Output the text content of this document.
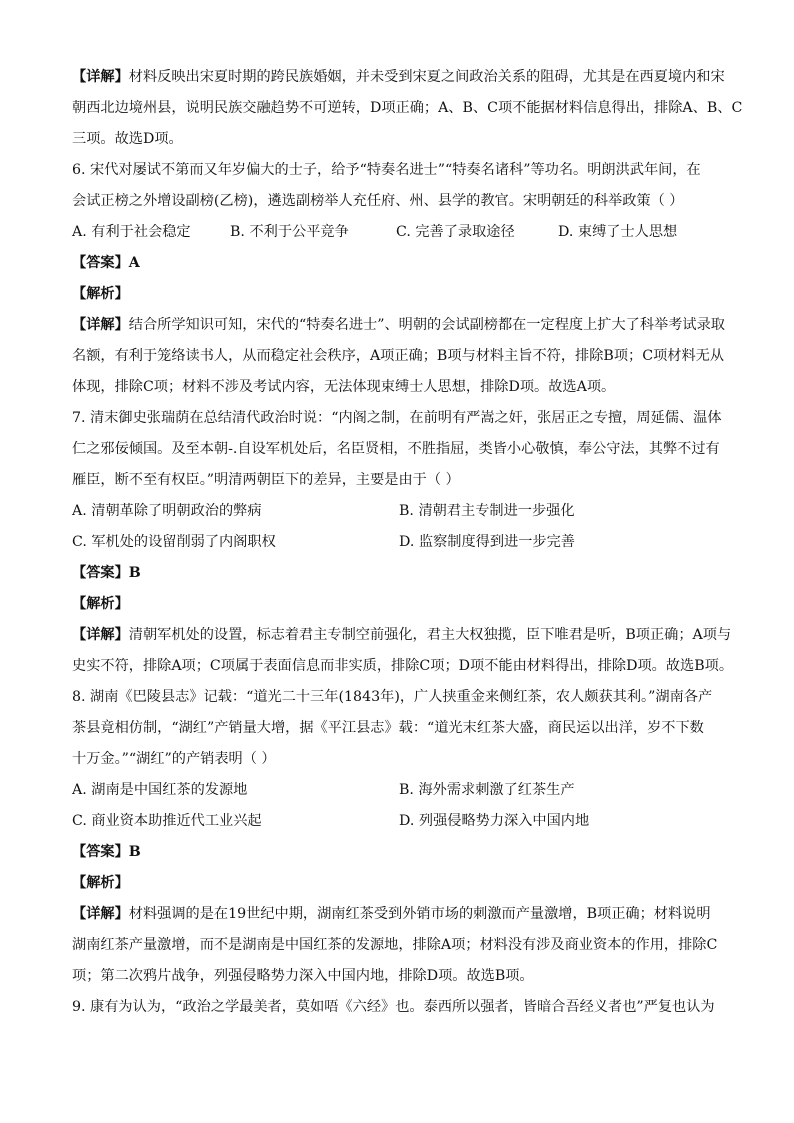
【详解】材料反映出宋夏时期的跨民族婚姻，并未受到宋夏之间政治关系的阻碍，尤其是在西夏境内和宋
朝西北边境州县，说明民族交融趋势不可逆转，D项正确；A、B、C项不能据材料信息得出，排除A、B、C
三项。故选D项。
6. 宋代对屡试不第而又年岁偏大的士子，给予“特奏名进士”“特奏名诸科”等功名。明朗洪武年间，在
会试正榜之外增设副榜(乙榜)，遴选副榜举人充任府、州、县学的教官。宋明朝廷的科举政策（ ）
A. 有利于社会稳定	B. 不利于公平竞争	C. 完善了录取途径	D. 束缚了士人思想
【答案】A
【解析】
【详解】结合所学知识可知，宋代的“特奏名进士”、明朝的会试副榜都在一定程度上扩大了科举考试录取
名额，有利于笼络读书人，从而稳定社会秩序，A项正确；B项与材料主旨不符，排除B项；C项材料无从
体现，排除C项；材料不涉及考试内容，无法体现束缚士人思想，排除D项。故选A项。
7. 清末御史张瑞荫在总结清代政治时说：“内阁之制，在前明有严嵩之奸，张居正之专擅，周延儒、温体
仁之邪佞倾国。及至本朝-.自设军机处后，名臣贤相，不胜指屈，类皆小心敬慎，奉公守法，其弊不过有
雁臣，断不至有权臣。”明清两朝臣下的差异，主要是由于（ ）
A. 清朝革除了明朝政治的弊病	B. 清朝君主专制进一步强化
C. 军机处的设留削弱了内阁职权	D. 监察制度得到进一步完善
【答案】B
【解析】
【详解】清朝军机处的设置，标志着君主专制空前强化，君主大权独揽，臣下唯君是听，B项正确；A项与
史实不符，排除A项；C项属于表面信息而非实质，排除C项；D项不能由材料得出，排除D项。故选B项。
8. 湖南《巴陵县志》记载：“道光二十三年(1843年)，广人挟重金来侧红茶，农人颇获其利。”湖南各产
茶县竟相仿制，“湖红”产销量大增，据《平江县志》载：“道光末红茶大盛，商民运以出洋，岁不下数
十万金。”“湖红”的产销表明（ ）
A. 湖南是中国红茶的发源地	B. 海外需求刺激了红茶生产
C. 商业资本助推近代工业兴起	D. 列强侵略势力深入中国内地
【答案】B
【解析】
【详解】材料强调的是在19世纪中期，湖南红茶受到外销市场的刺激而产量激增，B项正确；材料说明
湖南红茶产量激增，而不是湖南是中国红茶的发源地，排除A项；材料没有涉及商业资本的作用，排除C
项；第二次鸦片战争，列强侵略势力深入中国内地，排除D项。故选B项。
9. 康有为认为，“政治之学最美者，莫如唔《六经》也。泰西所以强者，皆暗合吾经义者也”严复也认为
